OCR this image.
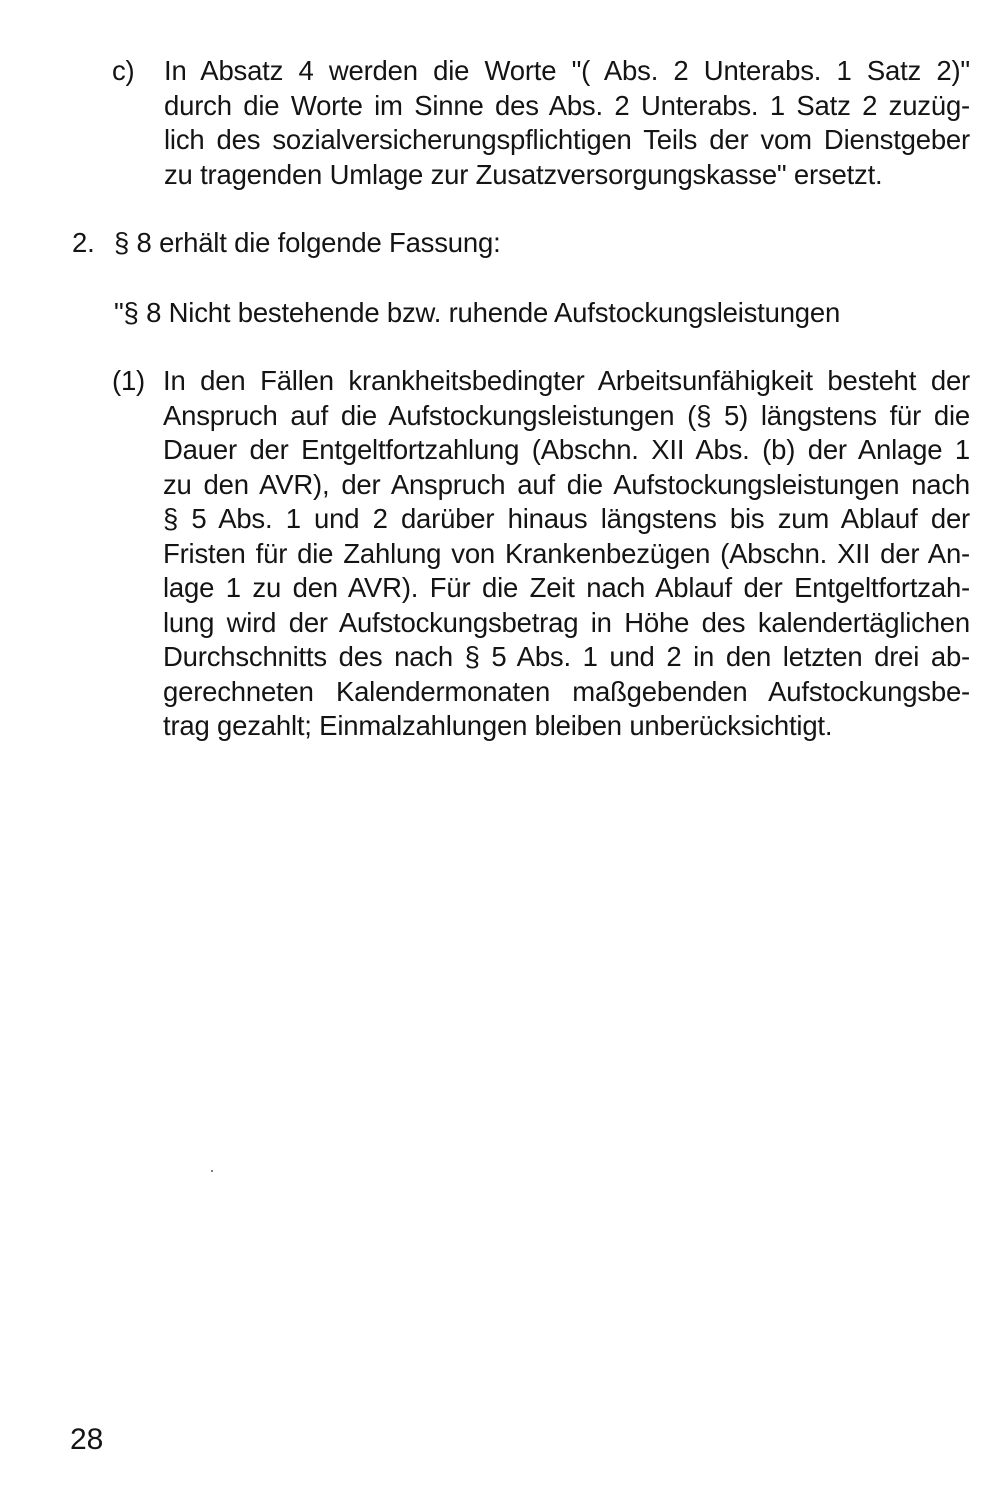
c) In Absatz 4 werden die Worte "( Abs. 2 Unterabs. 1 Satz 2)"
durch die Worte im Sinne des Abs. 2 Unterabs. 1 Satz 2 zuzüg-
lich des sozialversicherungspflichtigen Teils der vom Dienstgeber
zu tragenden Umlage zur Zusatzversorgungskasse" ersetzt.
2. § 8 erhält die folgende Fassung:
"§ 8 Nicht bestehende bzw. ruhende Aufstockungsleistungen
(1) In den Fällen krankheitsbedingter Arbeitsunfähigkeit besteht der
Anspruch auf die Aufstockungsleistungen (§ 5) längstens für die
Dauer der Entgeltfortzahlung (Abschn. XII Abs. (b) der Anlage 1
zu den AVR), der Anspruch auf die Aufstockungsleistungen nach
§ 5 Abs. 1 und 2 darüber hinaus längstens bis zum Ablauf der
Fristen für die Zahlung von Krankenbezügen (Abschn. XII der An-
lage 1 zu den AVR). Für die Zeit nach Ablauf der Entgeltfortzah-
lung wird der Aufstockungsbetrag in Höhe des kalendertäglichen
Durchschnitts des nach § 5 Abs. 1 und 2 in den letzten drei ab-
gerechneten Kalendermonaten maßgebenden Aufstockungsbe-
trag gezahlt; Einmalzahlungen bleiben unberücksichtigt.
28
